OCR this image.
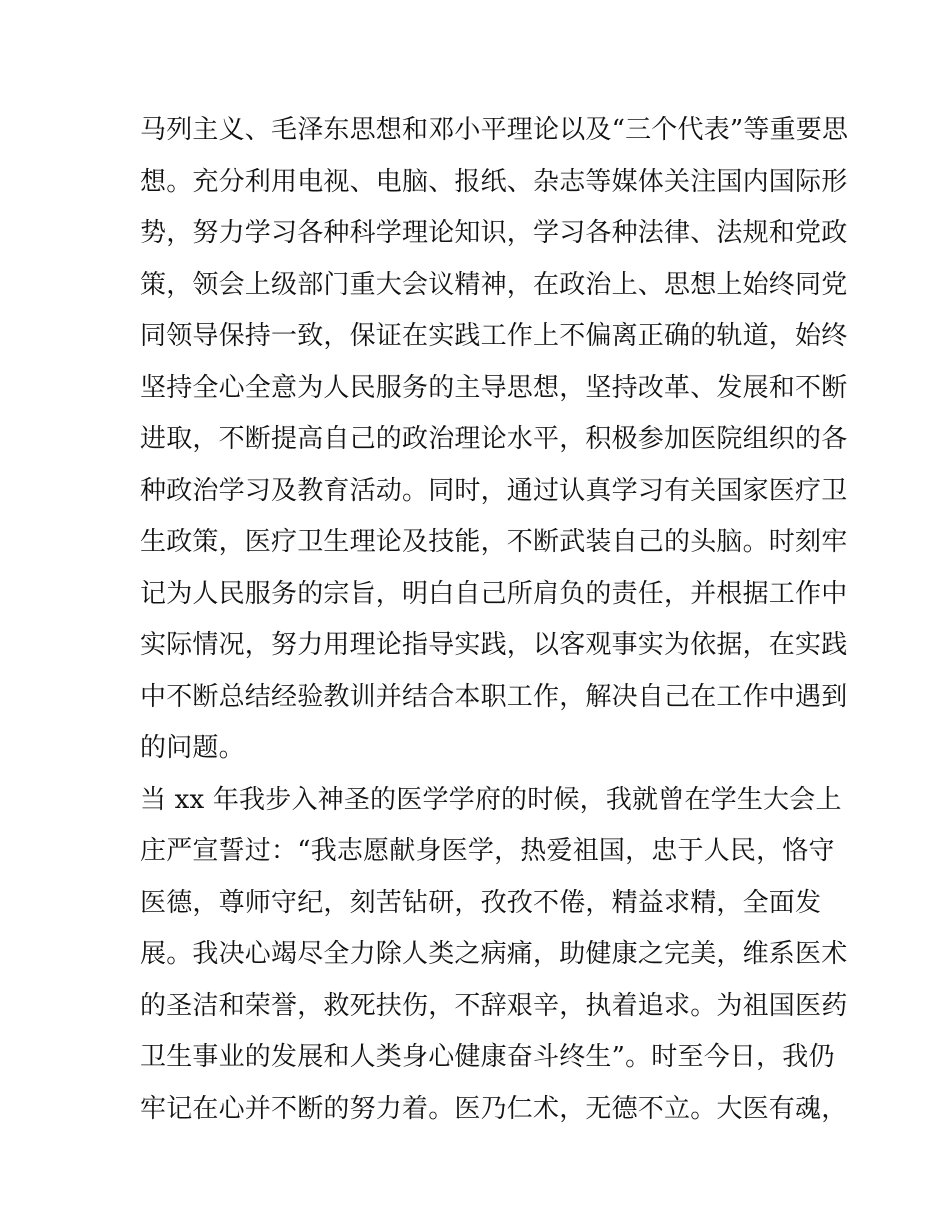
马列主义、毛泽东思想和邓小平理论以及“三个代表”等重要思
想。充分利用电视、电脑、报纸、杂志等媒体关注国内国际形
势，努力学习各种科学理论知识，学习各种法律、法规和党政
策，领会上级部门重大会议精神，在政治上、思想上始终同党
同领导保持一致，保证在实践工作上不偏离正确的轨道，始终
坚持全心全意为人民服务的主导思想，坚持改革、发展和不断
进取，不断提高自己的政治理论水平，积极参加医院组织的各
种政治学习及教育活动。同时，通过认真学习有关国家医疗卫
生政策，医疗卫生理论及技能，不断武装自己的头脑。时刻牢
记为人民服务的宗旨，明白自己所肩负的责任，并根据工作中
实际情况，努力用理论指导实践，以客观事实为依据，在实践
中不断总结经验教训并结合本职工作，解决自己在工作中遇到
的问题。
当 xx 年我步入神圣的医学学府的时候，我就曾在学生大会上
庄严宣誓过：“我志愿献身医学，热爱祖国，忠于人民，恪守
医德，尊师守纪，刻苦钻研，孜孜不倦，精益求精，全面发
展。我决心竭尽全力除人类之病痛，助健康之完美，维系医术
的圣洁和荣誉，救死扶伤，不辞艰辛，执着追求。为祖国医药
卫生事业的发展和人类身心健康奋斗终生”。时至今日，我仍
牢记在心并不断的努力着。医乃仁术，无德不立。大医有魂，
